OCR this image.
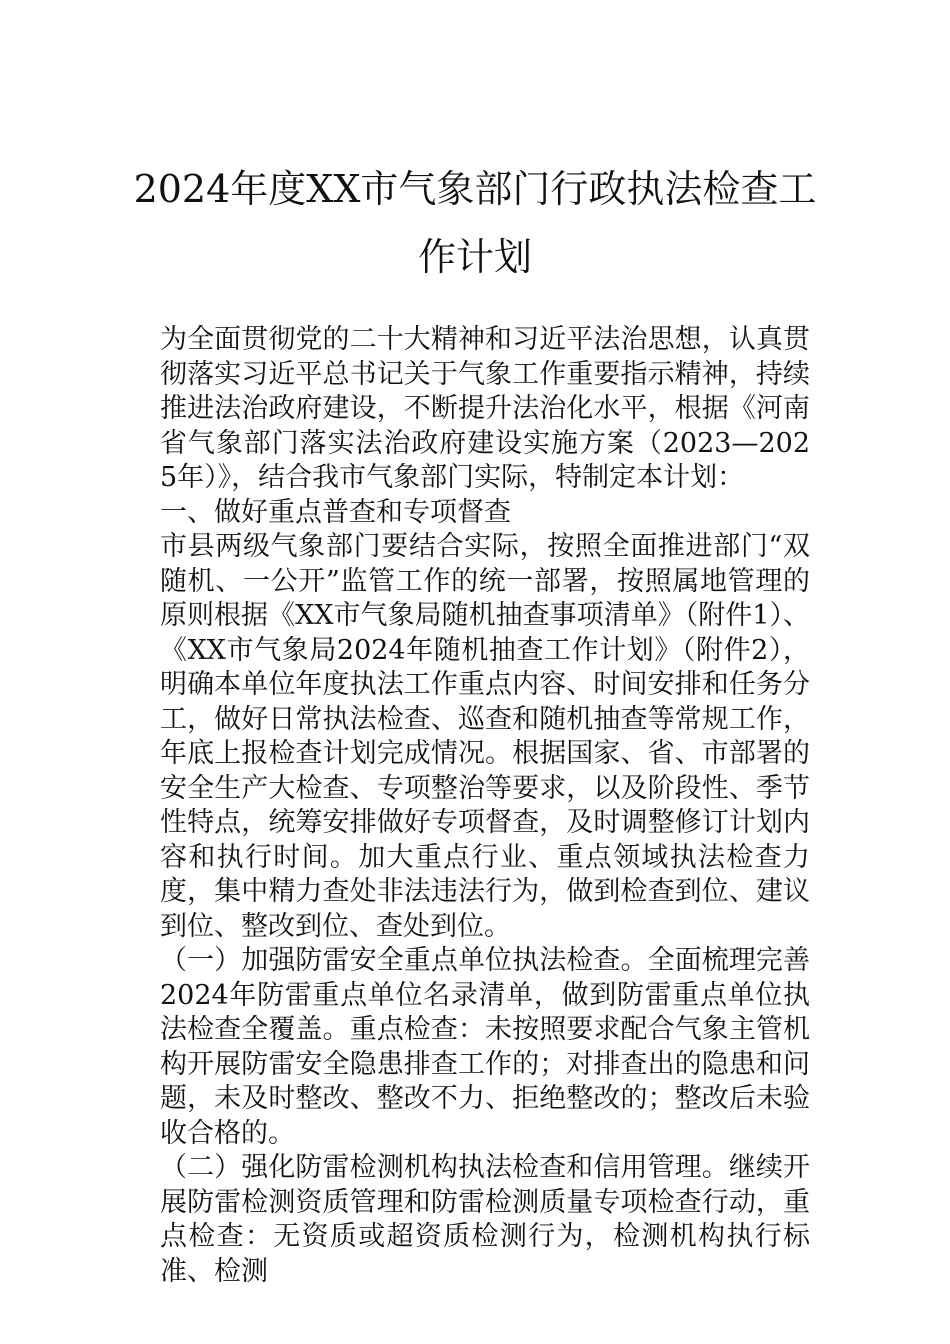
2024年度XX市气象部门行政执法检查工
作计划

为全面贯彻党的二十大精神和习近平法治思想，认真贯彻落实习近平总书记关于气象工作重要指示精神，持续推进法治政府建设，不断提升法治化水平，根据《河南省气象部门落实法治政府建设实施方案（2023—2025年）》，结合我市气象部门实际，特制定本计划：

一、做好重点普查和专项督查

市县两级气象部门要结合实际，按照全面推进部门“双随机、一公开”监管工作的统一部署，按照属地管理的原则根据《XX市气象局随机抽查事项清单》（附件1）、《XX市气象局2024年随机抽查工作计划》（附件2），明确本单位年度执法工作重点内容、时间安排和任务分工，做好日常执法检查、巡查和随机抽查等常规工作，年底上报检查计划完成情况。根据国家、省、市部署的安全生产大检查、专项整治等要求，以及阶段性、季节性特点，统筹安排做好专项督查，及时调整修订计划内容和执行时间。加大重点行业、重点领域执法检查力度，集中精力查处非法违法行为，做到检查到位、建议到位、整改到位、查处到位。

（一）加强防雷安全重点单位执法检查。全面梳理完善2024年防雷重点单位名录清单，做到防雷重点单位执法检查全覆盖。重点检查：未按照要求配合气象主管机构开展防雷安全隐患排查工作的；对排查出的隐患和问题，未及时整改、整改不力、拒绝整改的；整改后未验收合格的。

（二）强化防雷检测机构执法检查和信用管理。继续开展防雷检测资质管理和防雷检测质量专项检查行动，重点检查：无资质或超资质检测行为，检测机构执行标准、检测
